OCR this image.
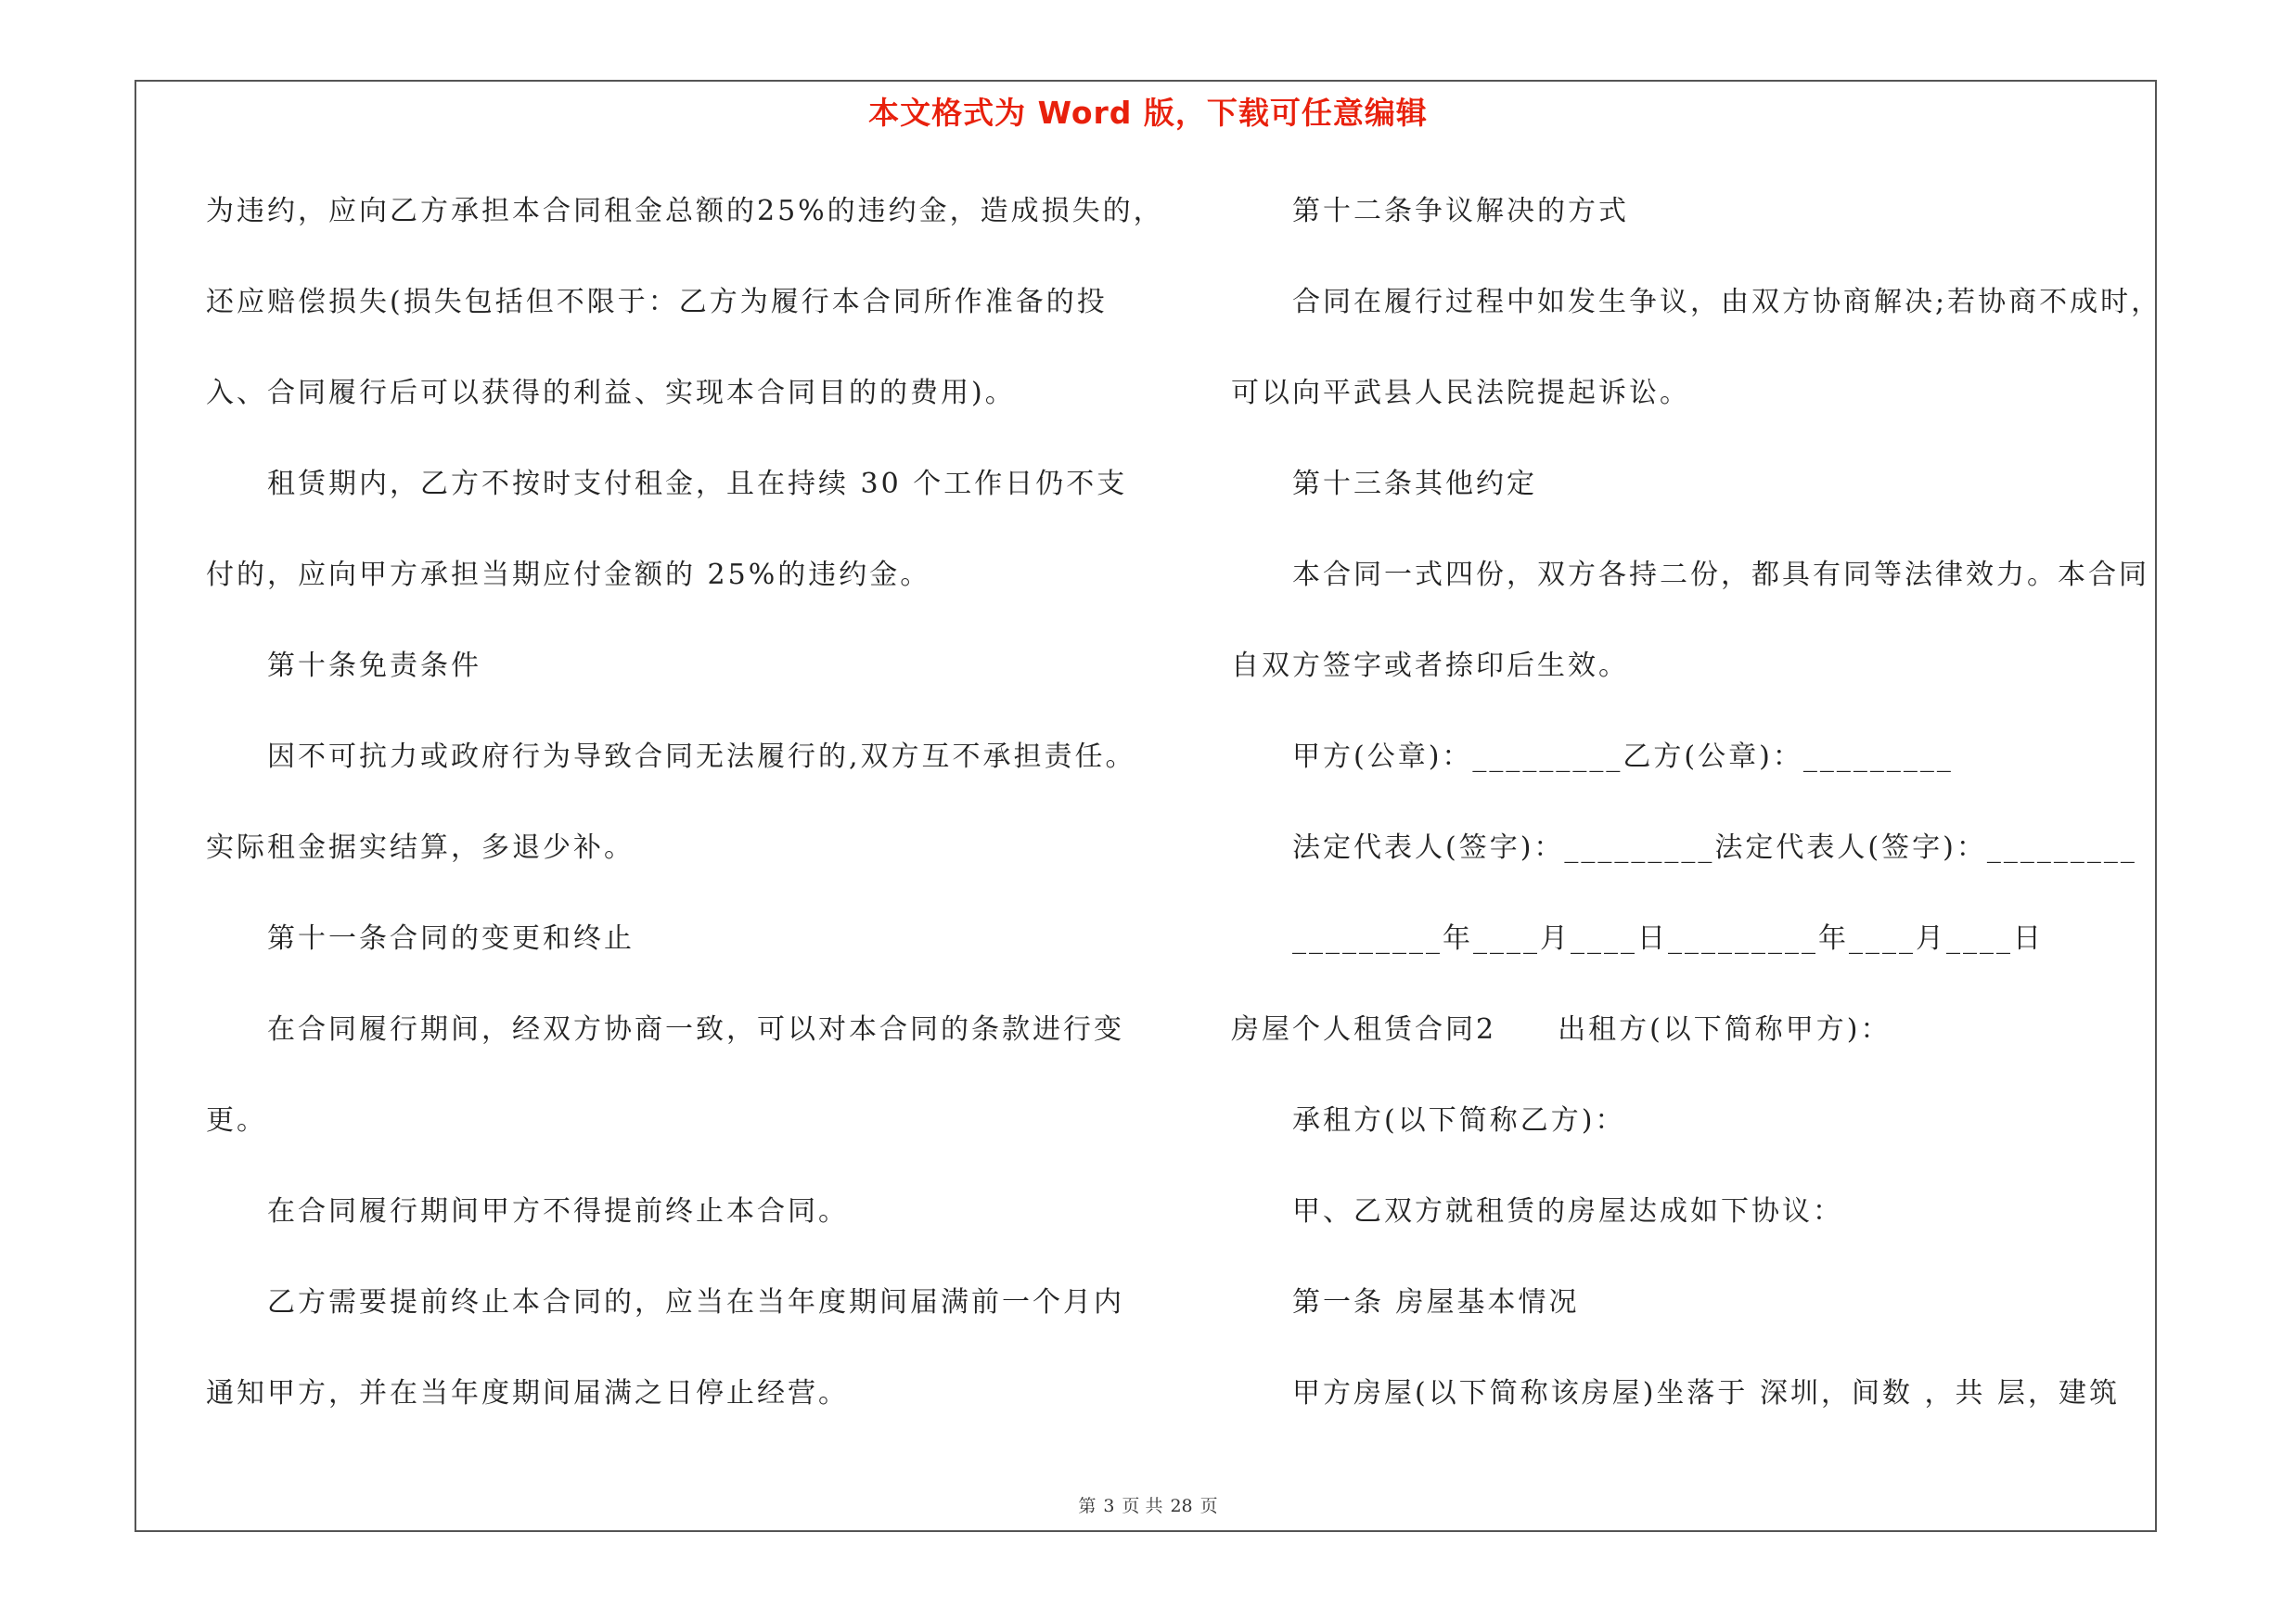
本文格式为 Word 版，下载可任意编辑
为违约，应向乙方承担本合同租金总额的25%的违约金，造成损失的，
还应赔偿损失(损失包括但不限于：乙方为履行本合同所作准备的投
入、合同履行后可以获得的利益、实现本合同目的的费用)。
租赁期内，乙方不按时支付租金，且在持续 30 个工作日仍不支
付的，应向甲方承担当期应付金额的 25%的违约金。
第十条免责条件
因不可抗力或政府行为导致合同无法履行的,双方互不承担责任。
实际租金据实结算，多退少补。
第十一条合同的变更和终止
在合同履行期间，经双方协商一致，可以对本合同的条款进行变
更。
在合同履行期间甲方不得提前终止本合同。
乙方需要提前终止本合同的，应当在当年度期间届满前一个月内
通知甲方，并在当年度期间届满之日停止经营。
第十二条争议解决的方式
合同在履行过程中如发生争议，由双方协商解决;若协商不成时，
可以向平武县人民法院提起诉讼。
第十三条其他约定
本合同一式四份，双方各持二份，都具有同等法律效力。本合同
自双方签字或者捺印后生效。
甲方(公章)：_________乙方(公章)：_________
法定代表人(签字)：_________法定代表人(签字)：_________
_________年____月____日_________年____月____日
房屋个人租赁合同2　　出租方(以下简称甲方)：
承租方(以下简称乙方)：
甲、乙双方就租赁的房屋达成如下协议：
第一条 房屋基本情况
甲方房屋(以下简称该房屋)坐落于 深圳，间数 ，共 层，建筑
第 3 页 共 28 页
